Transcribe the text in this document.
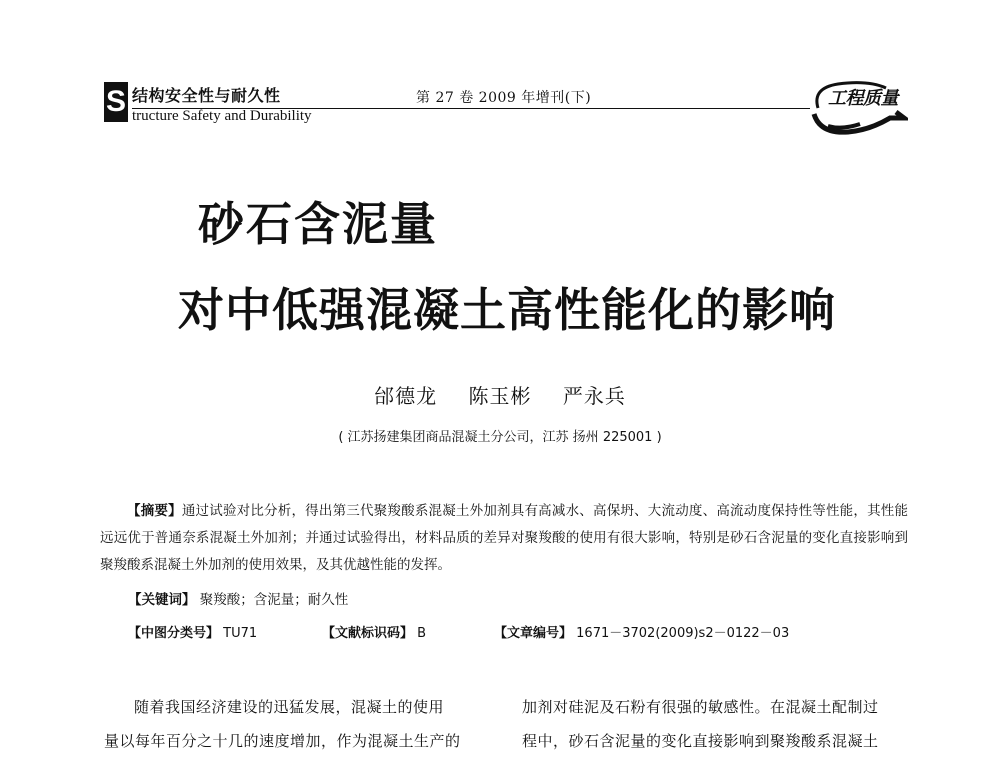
S 结构安全性与耐久性
tructure Safety and Durability
第 27 卷 2009 年增刊(下)	工程质量
砂石含泥量
对中低强混凝土高性能化的影响
邰德龙 陈玉彬 严永兵
( 江苏扬建集团商品混凝土分公司，江苏 扬州 225001 )
【摘要】通过试验对比分析，得出第三代聚羧酸系混凝土外加剂具有高减水、高保坍、大流动度、高流动度保持性等性能，其性能远远优于普通奈系混凝土外加剂；并通过试验得出，材料品质的差异对聚羧酸的使用有很大影响，特别是砂石含泥量的变化直接影响到聚羧酸系混凝土外加剂的使用效果，及其优越性能的发挥。
【关键词】 聚羧酸；含泥量；耐久性
【中图分类号】 TU71	【文献标识码】 B	【文章编号】 1671－3702(2009)s2－0122－03

随着我国经济建设的迅猛发展，混凝土的使用

量以每年百分之十几的速度增加，作为混凝土生产的

加剂对硅泥及石粉有很强的敏感性。在混凝土配制过

程中，砂石含泥量的变化直接影响到聚羧酸系混凝土
